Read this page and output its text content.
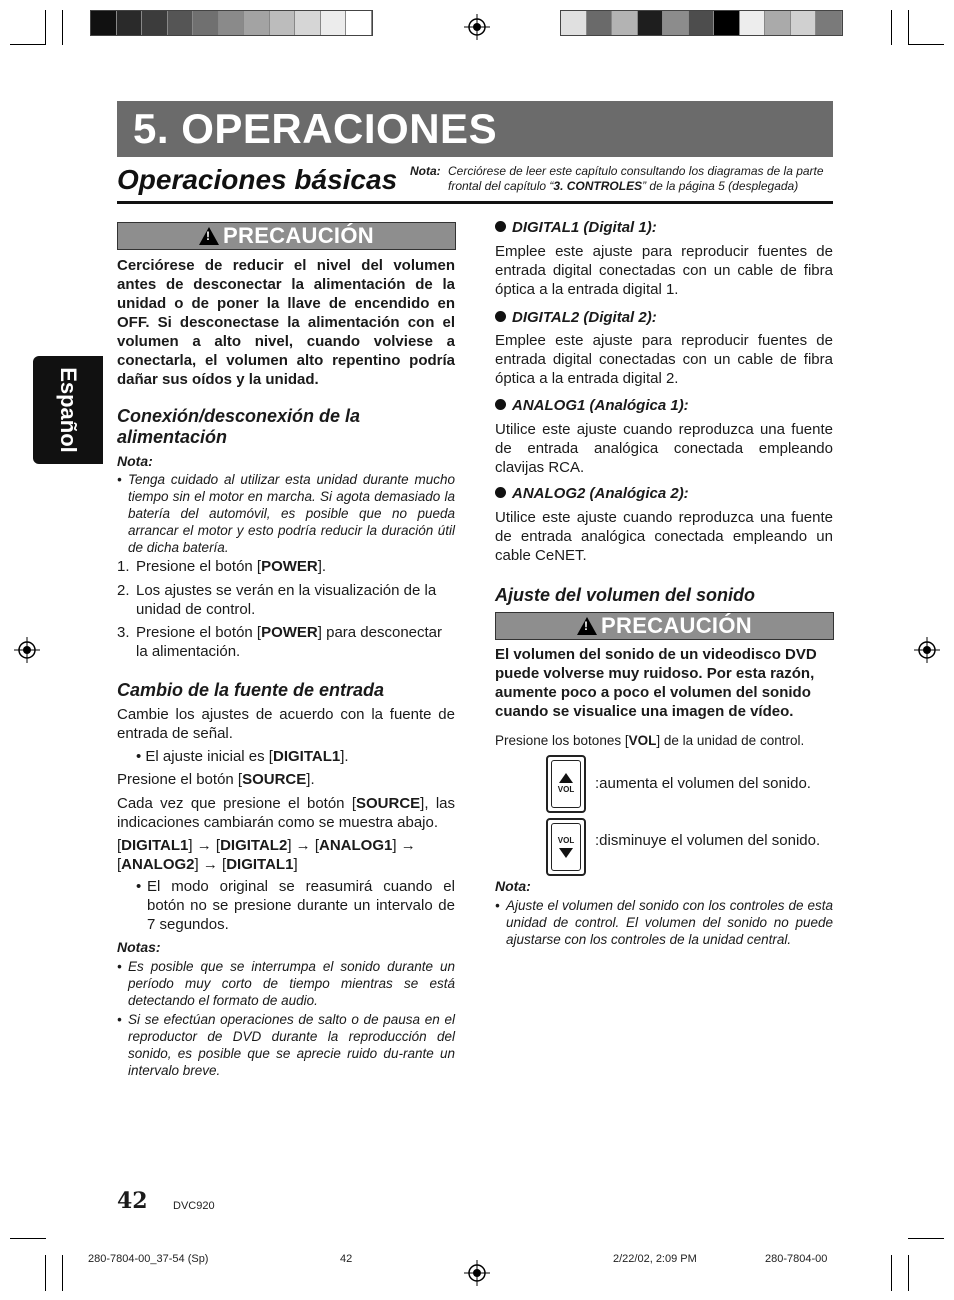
5. OPERACIONES
Operaciones básicas Nota: Cerciórese de leer este capítulo consultando los diagramas de la parte frontal del capítulo “3. CONTROLES” de la página 5 (desplegada)
Español
!
PRECAUCIÓN
Cerciórese de reducir el nivel del volumen antes de desconectar la alimentación de la unidad o de poner la llave de encendido en OFF. Si desconectase la alimentación con el volumen a alto nivel, cuando volviese a conectarla, el volumen alto repentino podría dañar sus oídos y la unidad.
Conexión/desconexión de la alimentación
Nota:
• Tenga cuidado al utilizar esta unidad durante mucho tiempo sin el motor en marcha. Si agota demasiado la batería del automóvil, es posible que no pueda arrancar el motor y esto podría reducir la duración útil de dicha batería.
1. Presione el botón [POWER].
2. Los ajustes se verán en la visualización de la unidad de control.
3. Presione el botón [POWER] para desconectar la alimentación.
Cambio de la fuente de entrada
Cambie los ajustes de acuerdo con la fuente de entrada de señal.
• El ajuste inicial es [DIGITAL1].
Presione el botón [SOURCE].
Cada vez que presione el botón [SOURCE], las indicaciones cambiarán como se muestra abajo.
[DIGITAL1] → [DIGITAL2] → [ANALOG1] →
[ANALOG2] → [DIGITAL1]
• El modo original se reasumirá cuando el botón no se presione durante un intervalo de 7 segundos.
Notas:
• Es posible que se interrumpa el sonido durante un período muy corto de tiempo mientras se está detectando el formato de audio.
• Si se efectúan operaciones de salto o de pausa en el reproductor de DVD durante la reproducción del sonido, es posible que se aprecie ruido du-rante un intervalo breve.
DIGITAL1 (Digital 1):
Emplee este ajuste para reproducir fuentes de entrada digital conectadas con un cable de fibra óptica a la entrada digital 1.
DIGITAL2 (Digital 2):
Emplee este ajuste para reproducir fuentes de entrada digital conectadas con un cable de fibra óptica a la entrada digital 2.
ANALOG1 (Analógica 1):
Utilice este ajuste cuando reproduzca una fuente de entrada analógica conectada empleando clavijas RCA.
ANALOG2 (Analógica 2):
Utilice este ajuste cuando reproduzca una fuente de entrada analógica conectada empleando un cable CeNET.
Ajuste del volumen del sonido
!
PRECAUCIÓN
El volumen del sonido de un videodisco DVD puede volverse muy ruidoso. Por esta razón, aumente poco a poco el volumen del sonido cuando se visualice una imagen de vídeo.
Presione los botones [VOL] de la unidad de control.
VOL	:aumenta el volumen del sonido.
VOL	:disminuye el volumen del sonido.
Nota:
• Ajuste el volumen del sonido con los controles de esta unidad de control. El volumen del sonido no puede ajustarse con los controles de la unidad central.
42 DVC920
280-7804-00_37-54 (Sp)	42	2/22/02, 2:09 PM	280-7804-00
